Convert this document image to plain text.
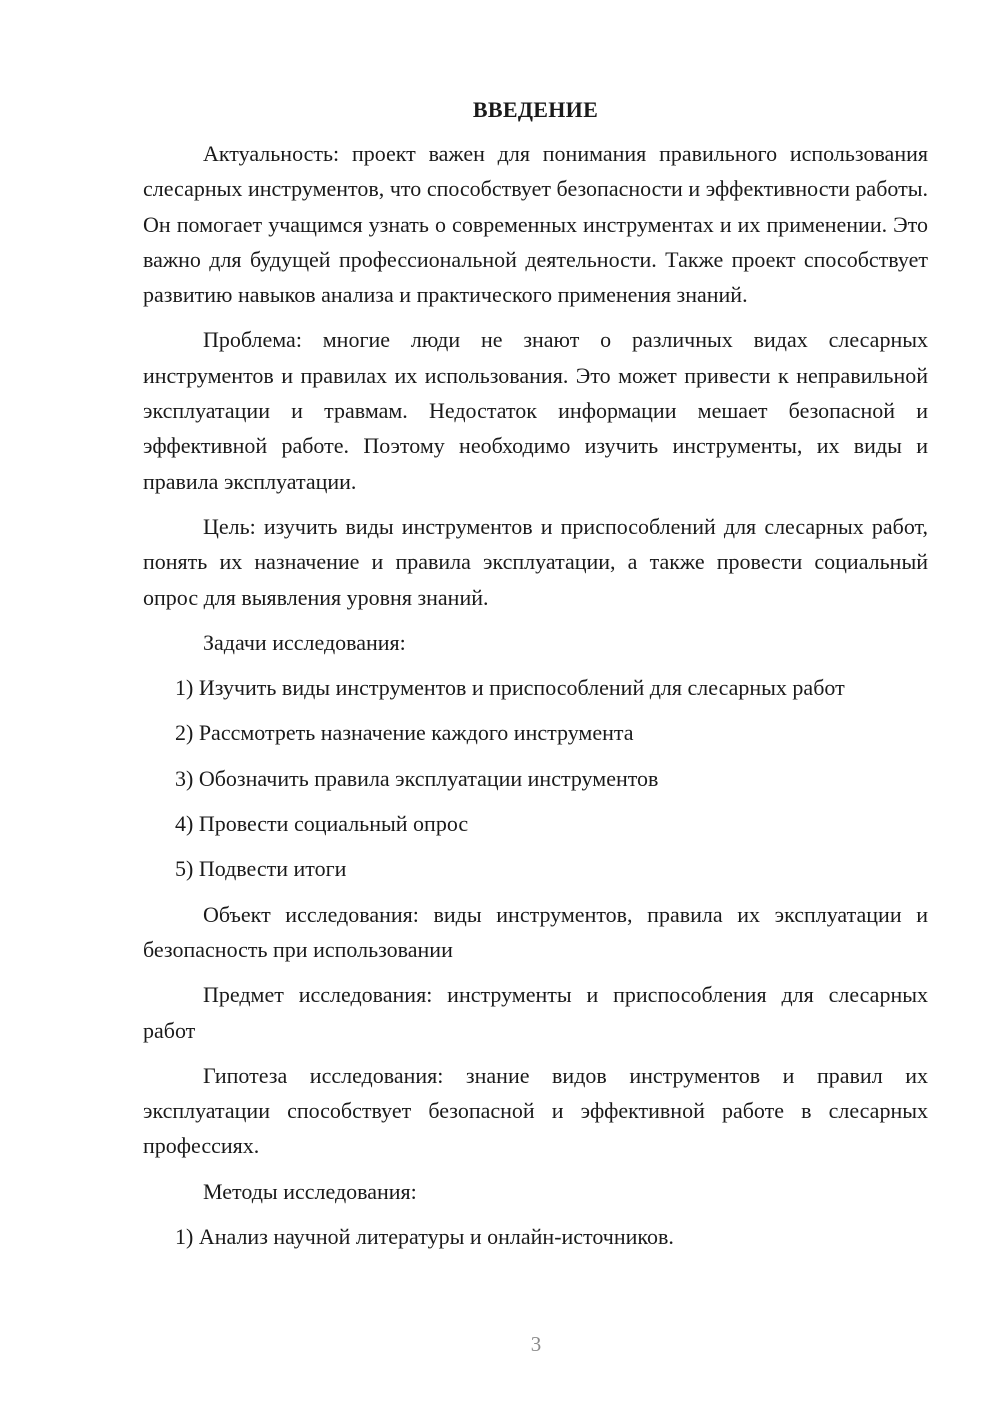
ВВЕДЕНИЕ

Актуальность: проект важен для понимания правильного использования слесарных инструментов, что способствует безопасности и эффективности работы. Он помогает учащимся узнать о современных инструментах и их применении. Это важно для будущей профессиональной деятельности. Также проект способствует развитию навыков анализа и практического применения знаний.

Проблема: многие люди не знают о различных видах слесарных инструментов и правилах их использования. Это может привести к неправильной эксплуатации и травмам. Недостаток информации мешает безопасной и эффективной работе. Поэтому необходимо изучить инструменты, их виды и правила эксплуатации.

Цель: изучить виды инструментов и приспособлений для слесарных работ, понять их назначение и правила эксплуатации, а также провести социальный опрос для выявления уровня знаний.

Задачи исследования:

1) Изучить виды инструментов и приспособлений для слесарных работ
2) Рассмотреть назначение каждого инструмента
3) Обозначить правила эксплуатации инструментов
4) Провести социальный опрос
5) Подвести итоги

Объект исследования: виды инструментов, правила их эксплуатации и безопасность при использовании

Предмет исследования: инструменты и приспособления для слесарных работ

Гипотеза исследования: знание видов инструментов и правил их эксплуатации способствует безопасной и эффективной работе в слесарных профессиях.

Методы исследования:

1) Анализ научной литературы и онлайн-источников.
3
